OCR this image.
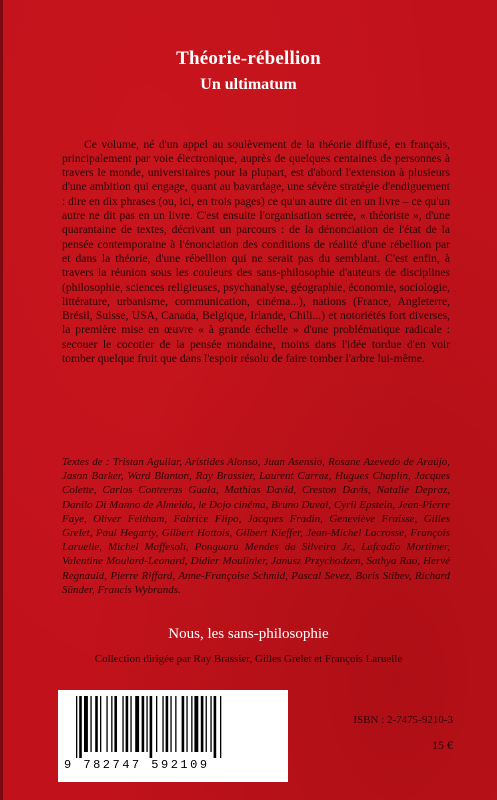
Théorie-rébellion
Un ultimatum

Ce volume, né d'un appel au soulèvement de la théorie diffusé, en français, principalement par voie électronique, auprès de quelques centaines de personnes à travers le monde, universitaires pour la plupart, est d'abord l'extension à plusieurs d'une ambition qui engage, quant au bavardage, une sévère stratégie d'endiguement : dire en dix phrases (ou, ici, en trois pages) ce qu'un autre dit en un livre – ce qu'un autre ne dit pas en un livre. C'est ensuite l'organisation serrée, « théoriste », d'une quarantaine de textes, décrivant un parcours : de la dénonciation de l'état de la pensée contemporaine à l'énonciation des conditions de réalité d'une rébellion par et dans la théorie, d'une rébellion qui ne serait pas du semblant. C'est enfin, à travers la réunion sous les couleurs des sans-philosophie d'auteurs de disciplines (philosophie, sciences religieuses, psychanalyse, géographie, économie, sociologie, littérature, urbanisme, communication, cinéma...), nations (France, Angleterre, Brésil, Suisse, USA, Canada, Belgique, Irlande, Chili...) et notoriétés fort diverses, la première mise en œuvre « à grande échelle » d'une problématique radicale : secouer le cocotier de la pensée mondaine, moins dans l'idée tordue d'en voir tomber quelque fruit que dans l'espoir résolu de faire tomber l'arbre lui-même.

Textes de : Tristan Aguilar, Aristides Alonso, Juan Asensio, Rosane Azevedo de Araújo, Jason Barker, Ward Blanton, Ray Brassier, Laurent Carraz, Hugues Chaplin, Jacques Colette, Carlos Contreras Guala, Mathias David, Creston Davis, Natalie Depraz, Danilo Di Manno de Almeida, le Dojo cinéma, Bruno Duval, Cyril Epstein, Jean-Pierre Faye, Oliver Feltham, Fabrice Flipo, Jacques Fradin, Geneviève Fraisse, Gilles Grelet, Paul Hegarty, Gilbert Hottois, Gilbert Kieffer, Jean-Michel Lacrosse, François Laruelle, Michel Maffesoli, Ponguaru Mendes da Silveira Jr., Lafcadio Mortimer, Valentine Moulard-Leonard, Didier Moulinier, Janusz Przychodzen, Sathya Rao, Hervé Regnauld, Pierre Riffard, Anne-Françoise Schmid, Pascal Sevez, Boris Stibev, Richard Sünder, Francis Wybrands.

Nous, les sans-philosophie
Collection dirigée par Ray Brassier, Gilles Grelet et François Laruelle
9 782747 592109
ISBN : 2-7475-9210-3
15 €
